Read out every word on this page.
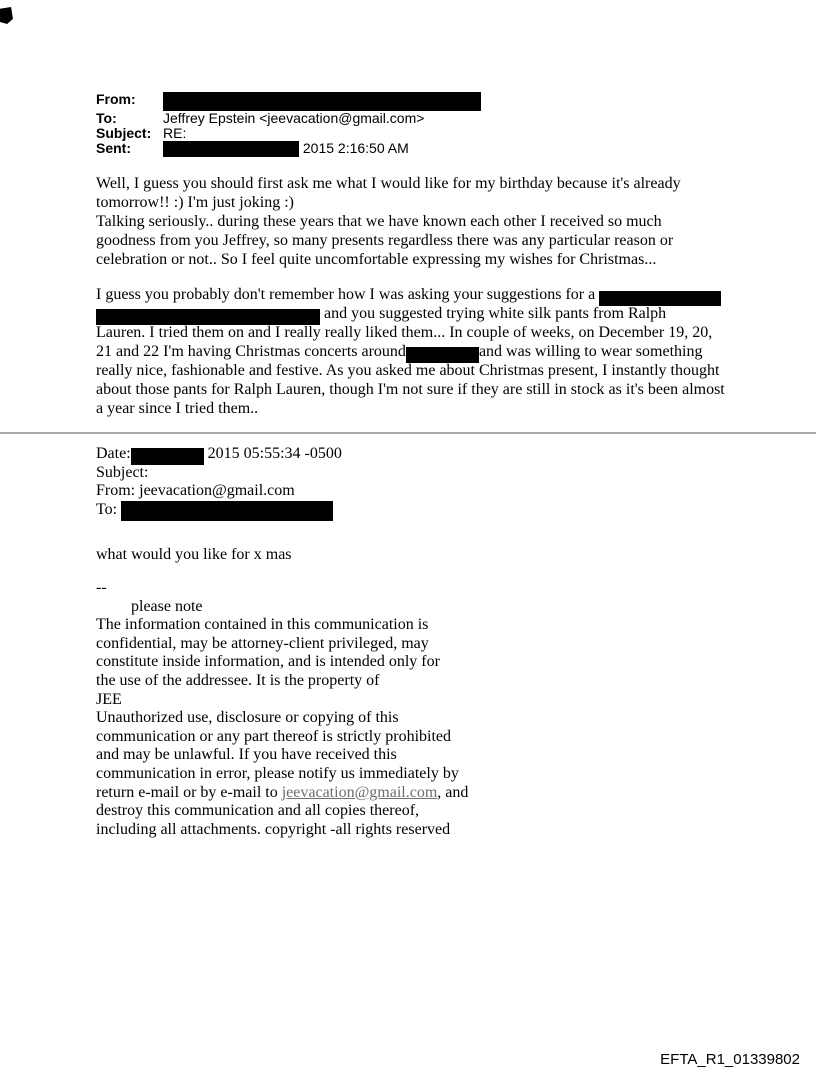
From:
To:	Jeffrey Epstein <jeevacation@gmail.com>
Subject: RE:
Sent:	2015 2:16:50 AM
Well, I guess you should first ask me what I would like for my birthday because it's already
tomorrow!! :) I'm just joking :)
Talking seriously.. during these years that we have known each other I received so much
goodness from you Jeffrey, so many presents regardless there was any particular reason or
celebration or not.. So I feel quite uncomfortable expressing my wishes for Christmas...
I guess you probably don't remember how I was asking your suggestions for a
and you suggested trying white silk pants from Ralph
Lauren. I tried them on and I really really liked them... In couple of weeks, on December 19, 20,
21 and 22 I'm having Christmas concerts around	and was willing to wear something
really nice, fashionable and festive. As you asked me about Christmas present, I instantly thought
about those pants for Ralph Lauren, though I'm not sure if they are still in stock as it's been almost
a year since I tried them..
Date:	2015 05:55:34 -0500
Subject:
From: jeevacation@gmail.com
To:
what would you like for x mas
--
please note
The information contained in this communication is
confidential, may be attorney-client privileged, may
constitute inside information, and is intended only for
the use of the addressee. It is the property of
JEE
Unauthorized use, disclosure or copying of this
communication or any part thereof is strictly prohibited
and may be unlawful. If you have received this
communication in error, please notify us immediately by
return e-mail or by e-mail to jeevacation@gmail.com, and
destroy this communication and all copies thereof,
including all attachments. copyright -all rights reserved
EFTA_R1_01339802
